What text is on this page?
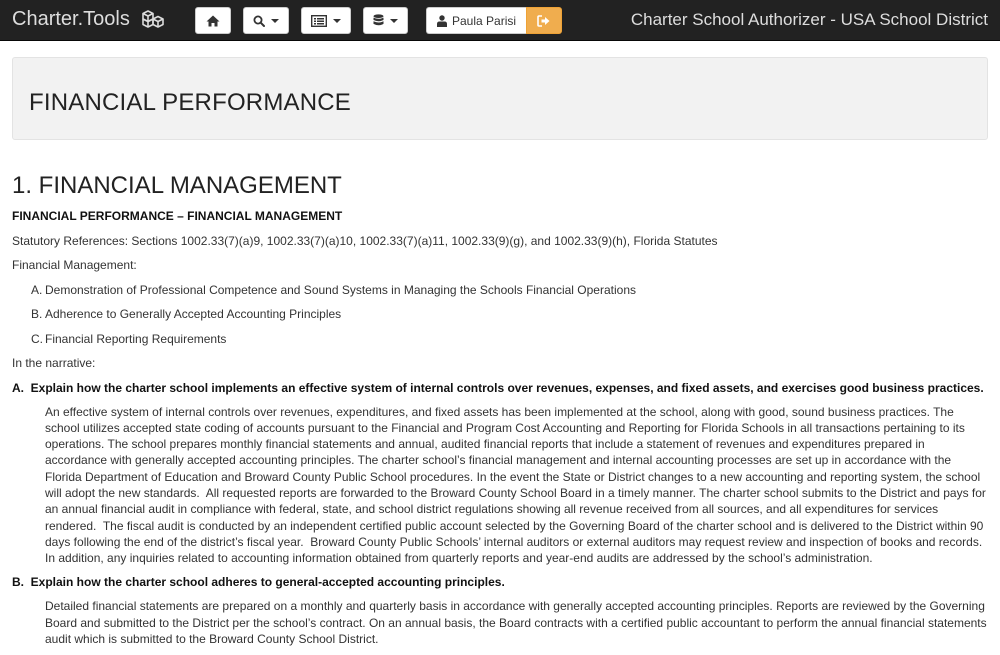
Charter.Tools	Paula Parisi	Charter School Authorizer - USA School District
FINANCIAL PERFORMANCE
1. FINANCIAL MANAGEMENT
FINANCIAL PERFORMANCE – FINANCIAL MANAGEMENT
Statutory References: Sections 1002.33(7)(a)9, 1002.33(7)(a)10, 1002.33(7)(a)11, 1002.33(9)(g), and 1002.33(9)(h), Florida Statutes
Financial Management:
A. Demonstration of Professional Competence and Sound Systems in Managing the Schools Financial Operations
B. Adherence to Generally Accepted Accounting Principles
C. Financial Reporting Requirements
In the narrative:
A.  Explain how the charter school implements an effective system of internal controls over revenues, expenses, and fixed assets, and exercises good business practices.
An effective system of internal controls over revenues, expenditures, and fixed assets has been implemented at the school, along with good, sound business practices. The school utilizes accepted state coding of accounts pursuant to the Financial and Program Cost Accounting and Reporting for Florida Schools in all transactions pertaining to its operations. The school prepares monthly financial statements and annual, audited financial reports that include a statement of revenues and expenditures prepared in accordance with generally accepted accounting principles. The charter school’s financial management and internal accounting processes are set up in accordance with the Florida Department of Education and Broward County Public School procedures. In the event the State or District changes to a new accounting and reporting system, the school will adopt the new standards.  All requested reports are forwarded to the Broward County School Board in a timely manner. The charter school submits to the District and pays for an annual financial audit in compliance with federal, state, and school district regulations showing all revenue received from all sources, and all expenditures for services rendered.  The fiscal audit is conducted by an independent certified public account selected by the Governing Board of the charter school and is delivered to the District within 90 days following the end of the district’s fiscal year.  Broward County Public Schools’ internal auditors or external auditors may request review and inspection of books and records.  In addition, any inquiries related to accounting information obtained from quarterly reports and year-end audits are addressed by the school’s administration.
B.  Explain how the charter school adheres to general-accepted accounting principles.
Detailed financial statements are prepared on a monthly and quarterly basis in accordance with generally accepted accounting principles. Reports are reviewed by the Governing Board and submitted to the District per the school’s contract. On an annual basis, the Board contracts with a certified public accountant to perform the annual financial statements audit which is submitted to the Broward County School District.
